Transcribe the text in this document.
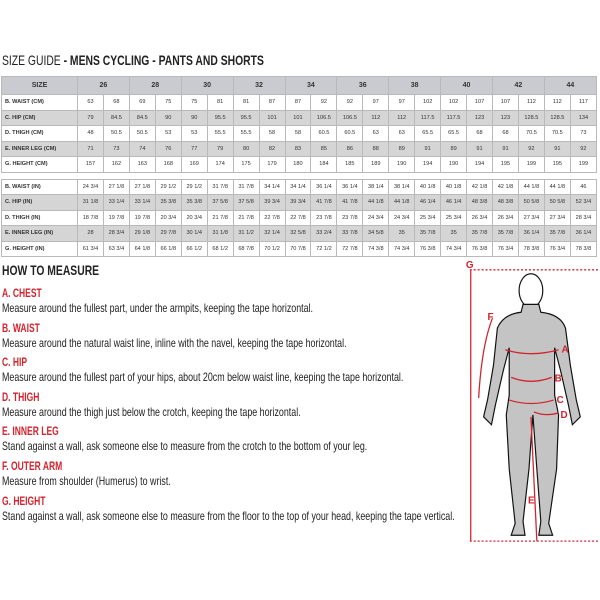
SIZE GUIDE - MENS CYCLING - PANTS AND SHORTS
SIZE	26		28		30		32		34		36		38		40		42		44	
B. WAIST (CM)	63	68	69	75	75	81	81	87	87	92	92	97	97	102	102	107	107	112	112	117
C. HIP (CM)	79	84.5	84.5	90	90	95.5	95.5	101	101	106.5	106.5	112	112	117.5	117.5	123	123	128.5	128.5	134
D. THIGH (CM)	48	50.5	50.5	53	53	55.5	55.5	58	58	60.5	60.5	63	63	65.5	65.5	68	68	70.5	70.5	73
E. INNER LEG (CM)	71	73	74	76	77	79	80	82	83	85	86	88	89	91	89	91	91	92	91	92
G. HEIGHT (CM)	157	162	163	168	169	174	175	179	180	184	185	189	190	194	190	194	195	199	195	199

B. WAIST (IN)	24 3/4	27 1/8	27 1/8	29 1/2	29 1/2	31 7/8	31 7/8	34 1/4	34 1/4	36 1/4	36 1/4	38 1/4	38 1/4	40 1/8	40 1/8	42 1/8	42 1/8	44 1/8	44 1/8	46
C. HIP (IN)	31 1/8	33 1/4	33 1/4	35 3/8	35 3/8	37 5/8	37 5/8	39 3/4	39 3/4	41 7/8	41 7/8	44 1/8	44 1/8	46 1/4	46 1/4	48 3/8	48 3/8	50 5/8	50 5/8	52 3/4
D. THIGH (IN)	18 7/8	19 7/8	19 7/8	20 3/4	20 3/4	21 7/8	21 7/8	22 7/8	22 7/8	23 7/8	23 7/8	24 3/4	24 3/4	25 3/4	25 3/4	26 3/4	26 3/4	27 3/4	27 3/4	28 3/4
E. INNER LEG (IN)	28	28 3/4	29 1/8	29 7/8	30 1/4	31 1/8	31 1/2	32 1/4	32 5/8	33 2/4	33 7/8	34 5/8	35	35 7/8	35	35 7/8	35 7/8	36 1/4	35 7/8	36 1/4
G. HEIGHT (IN)	61 3/4	63 3/4	64 1/8	66 1/8	66 1/2	68 1/2	68 7/8	70 1/2	70 7/8	72 1/2	72 7/8	74 3/8	74 3/4	76 3/8	74 3/4	76 3/8	76 3/4	78 3/8	76 3/4	78 3/8
HOW TO MEASURE
A. CHEST
Measure around the fullest part, under the armpits, keeping the tape horizontal.
B. WAIST
Measure around the natural waist line, inline with the navel, keeping the tape horizontal.
C. HIP
Measure around the fullest part of your hips, about 20cm below waist line, keeping the tape horizontal.
D. THIGH
Measure around the thigh just below the crotch, keeping the tape horizontal.
E. INNER LEG
Stand against a wall, ask someone else to measure from the crotch to the bottom of your leg.
F. OUTER ARM
Measure from shoulder (Humerus) to wrist.
G. HEIGHT
Stand against a wall, ask someone else to measure from the floor to the top of your head, keeping the tape vertical.
A
B
C
D
E
F
G
